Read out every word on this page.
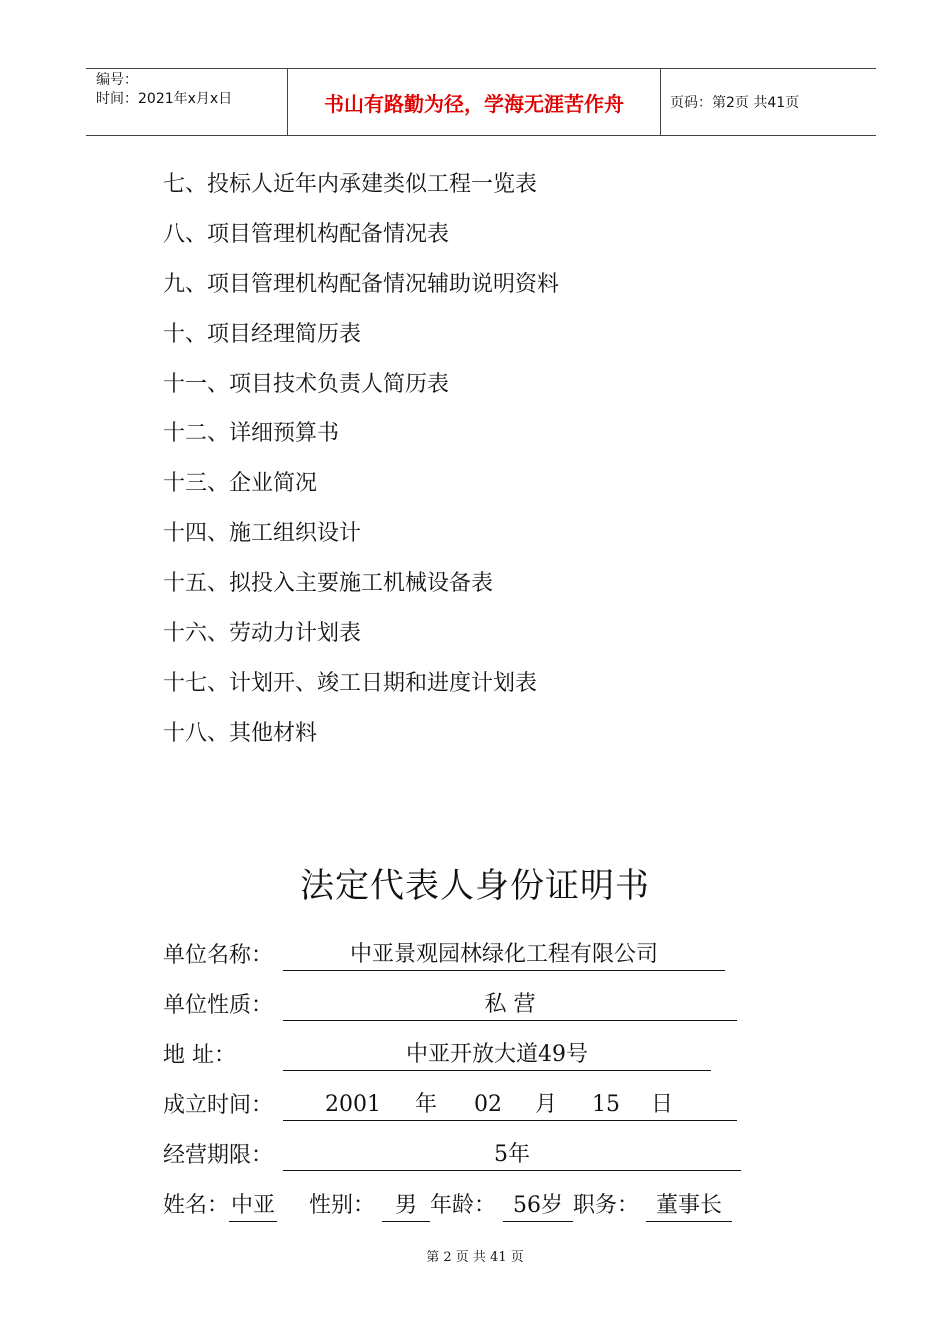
编号：
时间：2021年x月x日	书山有路勤为径，学海无涯苦作舟	页码：第2页 共41页
七、投标人近年内承建类似工程一览表
八、项目管理机构配备情况表
九、项目管理机构配备情况辅助说明资料
十、项目经理简历表
十一、项目技术负责人简历表
十二、详细预算书
十三、企业简况
十四、施工组织设计
十五、拟投入主要施工机械设备表
十六、劳动力计划表
十七、计划开、竣工日期和进度计划表
十八、其他材料
法定代表人身份证明书
单位名称：	中亚景观园林绿化工程有限公司
单位性质：	私 营
地 址：	中亚开放大道49号
成立时间：	2001	年	02	月	15	日
经营期限：	5年
姓名：中亚 性别： 男 年龄： 56岁 职务： 董事长
第 2 页 共 41 页
